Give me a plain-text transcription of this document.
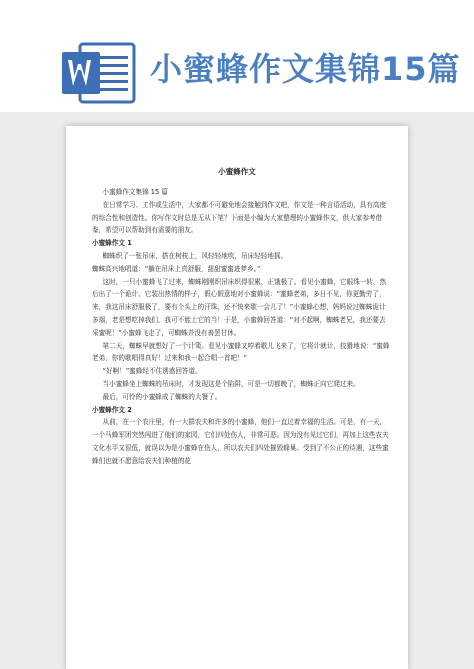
小蜜蜂作文集锦15篇
小蜜蜂作文

小蜜蜂作文集锦 15 篇

在日常学习、工作或生活中，大家都不可避免地会接触到作文吧，作文是一种言语活动，具有高度的综合性和创造性。你写作文时总是无从下笔？下面是小编为大家整理的小蜜蜂作文，供大家参考借鉴，希望可以帮助到有需要的朋友。

小蜜蜂作文 1

蜘蛛织了一张吊床，搭在树枝上，风轻轻地吹，吊床轻轻地摇。

蜘蛛高兴地唱道：“躺在吊床上真舒服，甜甜蜜蜜进梦乡。”

这时，一只小蜜蜂飞了过来，蜘蛛刚刚织吊床织得很累，正饿极了。看见小蜜蜂，它眼珠一转，然后出了一个诡计。它装出热情的样子，假心假意地对小蜜蜂说：“蜜蜂老弟，多日不见，你更勤劳了，来，我这吊床舒服极了，要有个头上的汗珠，还不快来歇一会儿了！”小蜜蜂心想，妈妈说过蜘蛛诡计多端，老是想吃掉我们，我可不能上它的当！于是，小蜜蜂回答道：“对不起啊，蜘蛛老兄，我还要去采蜜呢！”小蜜蜂飞走了，可蜘蛛并没有善罢甘休。

第二天，蜘蛛早就想好了一个计策。看见小蜜蜂又哼着歌儿飞来了，它将计就计，狡猾地说：“蜜蜂老弟，你的歌唱得真好！过来和我一起合唱一首吧！”

“好啊！”蜜蜂经不住诱惑回答道。

当小蜜蜂坐上蜘蛛的吊床时，才发现这是个陷阱，可是一切都晚了，蜘蛛正向它爬过来。

最后，可怜的小蜜蜂成了蜘蛛的大餐了。

小蜜蜂作文 2

从前，在一个农庄里，有一大群农夫和许多的小蜜蜂，他们一直过着幸福的生活。可是，有一天，一个马蜂军团突然闯进了他们的家园，它们四处伤人，非常可恶。因为没有见过它们，再加上这些农夫文化水平又很低，就误以为是小蜜蜂在伤人，所以农夫们四处摧毁蜂巢。受到了不公正的待遇，这些蜜蜂们也就不愿意给农夫们种植的花
